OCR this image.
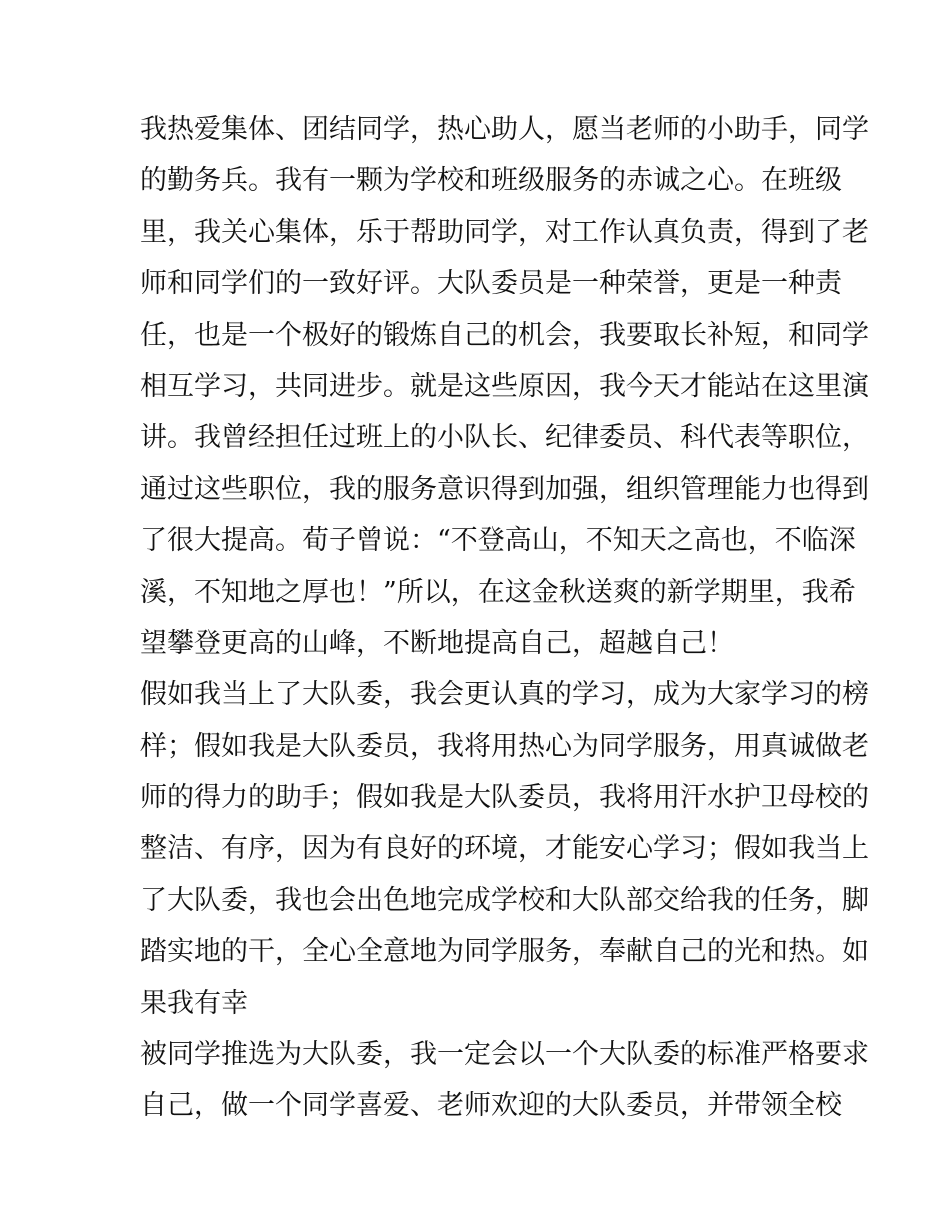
我热爱集体、团结同学，热心助人，愿当老师的小助手，同学
的勤务兵。我有一颗为学校和班级服务的赤诚之心。在班级
里，我关心集体，乐于帮助同学，对工作认真负责，得到了老
师和同学们的一致好评。大队委员是一种荣誉，更是一种责
任，也是一个极好的锻炼自己的机会，我要取长补短，和同学
相互学习，共同进步。就是这些原因，我今天才能站在这里演
讲。我曾经担任过班上的小队长、纪律委员、科代表等职位，
通过这些职位，我的服务意识得到加强，组织管理能力也得到
了很大提高。荀子曾说：“不登高山，不知天之高也，不临深
溪，不知地之厚也！”所以，在这金秋送爽的新学期里，我希
望攀登更高的山峰，不断地提高自己，超越自己！
假如我当上了大队委，我会更认真的学习，成为大家学习的榜
样；假如我是大队委员，我将用热心为同学服务，用真诚做老
师的得力的助手；假如我是大队委员，我将用汗水护卫母校的
整洁、有序，因为有良好的环境，才能安心学习；假如我当上
了大队委，我也会出色地完成学校和大队部交给我的任务，脚
踏实地的干，全心全意地为同学服务，奉献自己的光和热。如
果我有幸
被同学推选为大队委，我一定会以一个大队委的标准严格要求
自己，做一个同学喜爱、老师欢迎的大队委员，并带领全校
